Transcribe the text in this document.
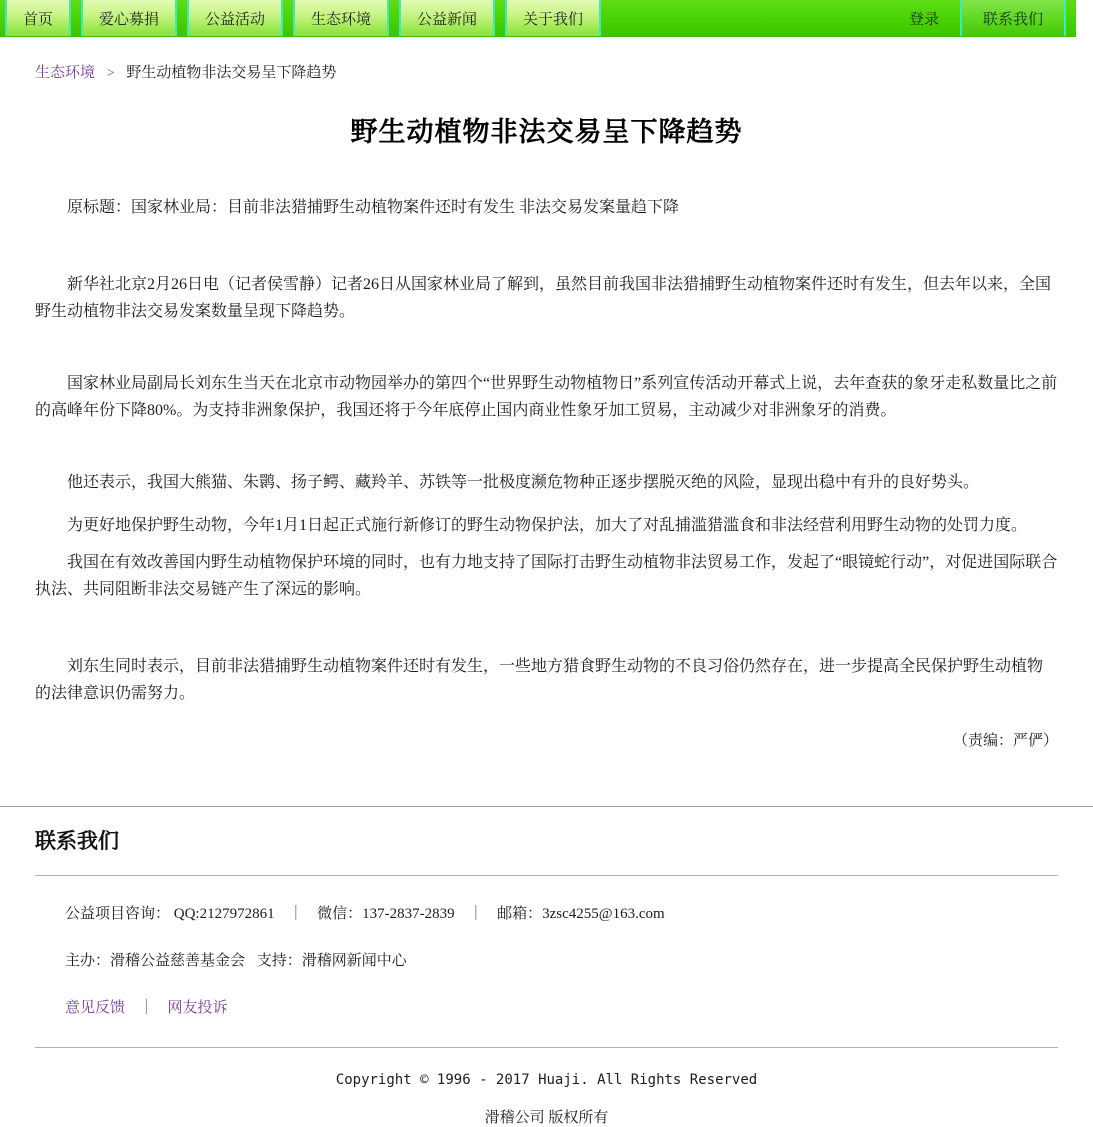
首页	爱心募捐	公益活动	生态环境	公益新闻	关于我们	登录	联系我们
生态环境 > 野生动植物非法交易呈下降趋势
野生动植物非法交易呈下降趋势

原标题：国家林业局：目前非法猎捕野生动植物案件还时有发生 非法交易发案量趋下降

新华社北京2月26日电（记者侯雪静）记者26日从国家林业局了解到，虽然目前我国非法猎捕野生动植物案件还时有发生，但去年以来，全国野生动植物非法交易发案数量呈现下降趋势。

国家林业局副局长刘东生当天在北京市动物园举办的第四个“世界野生动物植物日”系列宣传活动开幕式上说，去年查获的象牙走私数量比之前的高峰年份下降80%。为支持非洲象保护，我国还将于今年底停止国内商业性象牙加工贸易，主动减少对非洲象牙的消费。

他还表示，我国大熊猫、朱鹮、扬子鳄、藏羚羊、苏铁等一批极度濒危物种正逐步摆脱灭绝的风险，显现出稳中有升的良好势头。

为更好地保护野生动物，今年1月1日起正式施行新修订的野生动物保护法，加大了对乱捕滥猎滥食和非法经营利用野生动物的处罚力度。

我国在有效改善国内野生动植物保护环境的同时，也有力地支持了国际打击野生动植物非法贸易工作，发起了“眼镜蛇行动”，对促进国际联合执法、共同阻断非法交易链产生了深远的影响。

刘东生同时表示，目前非法猎捕野生动植物案件还时有发生，一些地方猎食野生动物的不良习俗仍然存在，进一步提高全民保护野生动植物的法律意识仍需努力。

（责编：严俨）

联系我们

公益项目咨询： QQ:2127972861 ｜ 微信：137-2837-2839 ｜ 邮箱：3zsc4255@163.com

主办：滑稽公益慈善基金会 支持：滑稽网新闻中心

意见反馈 ｜ 网友投诉

Copyright © 1996 - 2017 Huaji. All Rights Reserved

滑稽公司 版权所有
